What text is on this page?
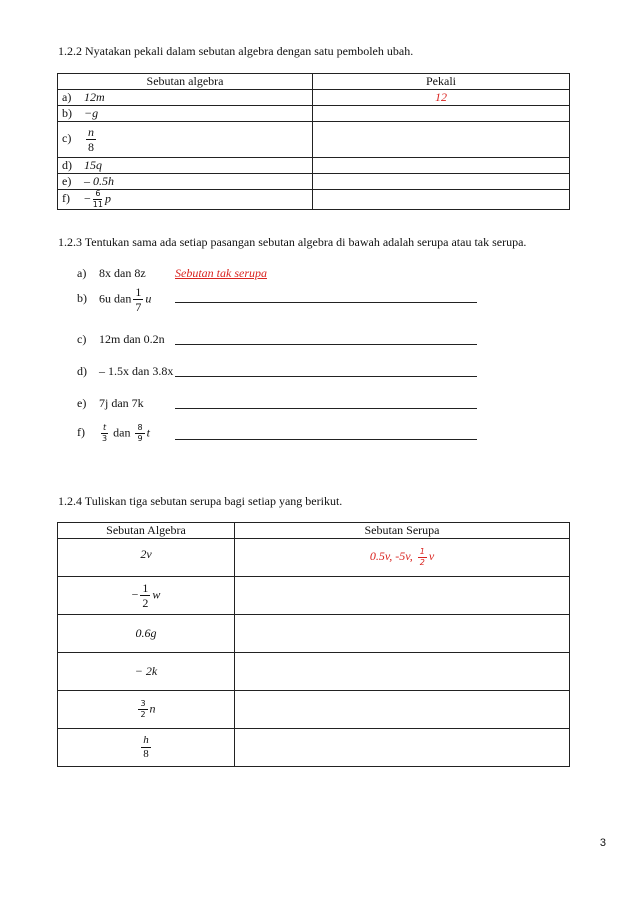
1.2.2 Nyatakan pekali dalam sebutan algebra dengan satu pemboleh ubah.
Sebutan algebra	Pekali
a) 12m	12
b) −g	
$c) \frac{n}{8}$

d) 15q	
e) – 0.5h	
$f) - \frac{6}{11}$ p	
1.2.3 Tentukan sama ada setiap pasangan sebutan algebra di bawah adalah serupa atau tak serupa.
a) 8x dan 8z Sebutan tak serupa
b) 6u dan $\frac{1}{7}$ u
c) 12m dan 0.2n
d) – 1.5x dan 3.8x
e) 7j dan 7k
$f) \frac{t}{3}$ dan $\frac{8}{9}$ t
1.2.4 Tuliskan tiga sebutan serupa bagi setiap yang berikut.
Sebutan Algebra	Sebutan Serupa
2v	0.5v, -5v, $\frac{1}{2}$ v
− $\frac{1}{2}$ w	
0.6g	
− 2k	

$\frac{3}{2}$ n	

$\frac{h}{8}$

3
